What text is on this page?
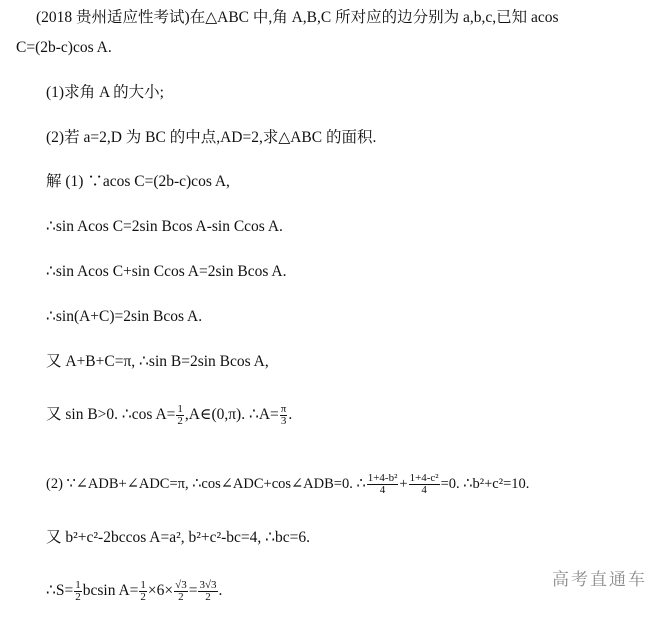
(2018 贵州适应性考试)在△ABC 中,角 A,B,C 所对应的边分别为 a,b,c,已知 acos
C=(2b-c)cos A.
(1)求角 A 的大小;
(2)若 a=2,D 为 BC 的中点,AD=2,求△ABC 的面积.
解 (1) ∵acos C=(2b-c)cos A,
∴sin Acos C=2sin Bcos A-sin Ccos A.
∴sin Acos C+sin Ccos A=2sin Bcos A.
∴sin(A+C)=2sin Bcos A.
又 A+B+C=π, ∴sin B=2sin Bcos A,
又 sin B>0. ∴cos $A= \frac{1}{2}$ ,A∈(0,π). ∴A= $\frac{\pi}{3}$ .
(2) ∵∠ADB+∠ADC=π, ∴cos∠ADC+cos∠ADB=0. ∴ $\frac{\text{1+4-b²}}{4} + \frac{\text{1+4-c²}}{4} =0$. ∴b²+c²=10.
又 b²+c²-2bccos A=a², b²+c²-bc=4, ∴bc=6.
∴S= $\frac{1}{2}$ bcsin $A= \frac{1}{2} \times 6\times \frac{√3}{2} = \frac{3√3}{2}$ .
高考直通车
